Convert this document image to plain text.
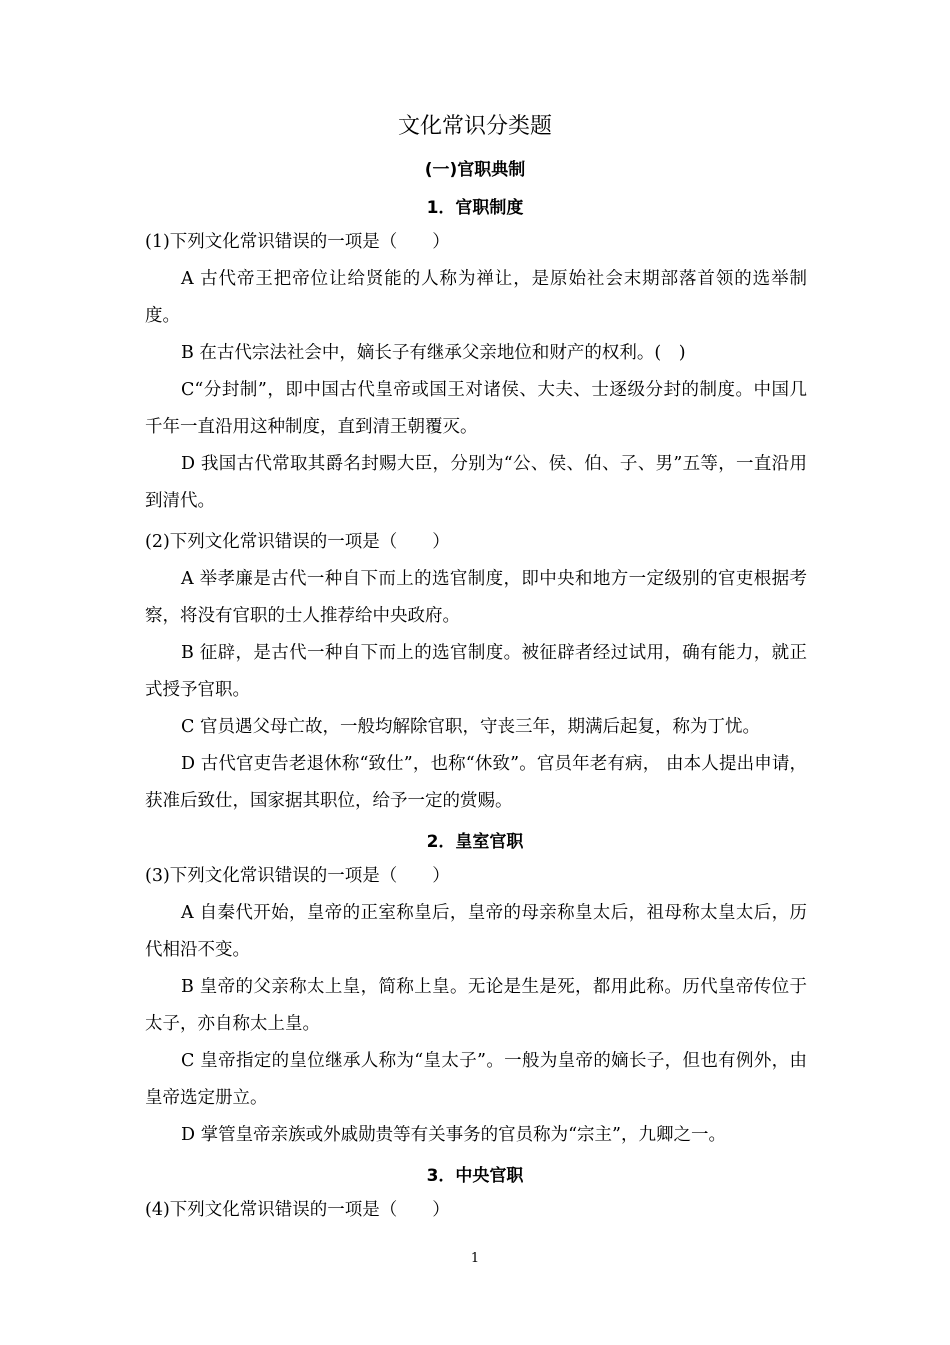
文化常识分类题
(一)官职典制
1．官职制度
(1)下列文化常识错误的一项是（　　）
A 古代帝王把帝位让给贤能的人称为禅让，是原始社会末期部落首领的选举制度。
B 在古代宗法社会中，嫡长子有继承父亲地位和财产的权利。(　)
C“分封制”，即中国古代皇帝或国王对诸侯、大夫、士逐级分封的制度。中国几千年一直沿用这种制度，直到清王朝覆灭。
D 我国古代常取其爵名封赐大臣，分别为“公、侯、伯、子、男”五等，一直沿用到清代。
(2)下列文化常识错误的一项是（　　）
A 举孝廉是古代一种自下而上的选官制度，即中央和地方一定级别的官吏根据考察，将没有官职的士人推荐给中央政府。
B 征辟，是古代一种自下而上的选官制度。被征辟者经过试用，确有能力，就正式授予官职。
C 官员遇父母亡故，一般均解除官职，守丧三年，期满后起复，称为丁忧。
D 古代官吏告老退休称“致仕”，也称“休致”。官员年老有病， 由本人提出申请，获准后致仕，国家据其职位，给予一定的赏赐。
2．皇室官职
(3)下列文化常识错误的一项是（　　）
A 自秦代开始，皇帝的正室称皇后，皇帝的母亲称皇太后，祖母称太皇太后，历代相沿不变。
B 皇帝的父亲称太上皇，简称上皇。无论是生是死，都用此称。历代皇帝传位于太子，亦自称太上皇。
C 皇帝指定的皇位继承人称为“皇太子”。一般为皇帝的嫡长子，但也有例外，由皇帝选定册立。
D 掌管皇帝亲族或外戚勋贵等有关事务的官员称为“宗主”，九卿之一。
3．中央官职
(4)下列文化常识错误的一项是（　　）
1
